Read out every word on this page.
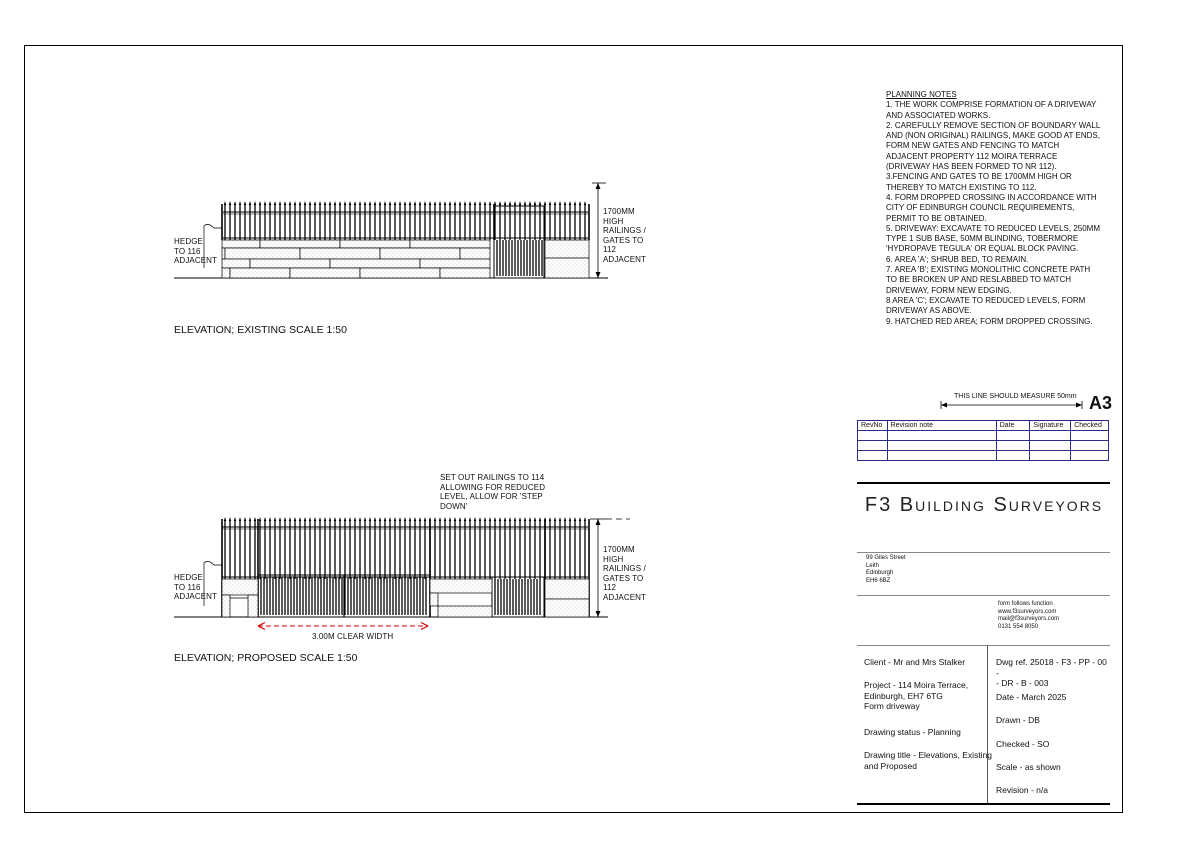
HEDGE
TO 116
ADJACENT
1700MM
HIGH
RAILINGS /
GATES TO
112
ADJACENT
ELEVATION; EXISTING SCALE 1:50
SET OUT RAILINGS TO 114
ALLOWING FOR REDUCED
LEVEL, ALLOW FOR 'STEP
DOWN'
HEDGE
TO 116
ADJACENT
1700MM
HIGH
RAILINGS /
GATES TO
112
ADJACENT
3.00M CLEAR WIDTH
ELEVATION; PROPOSED SCALE 1:50
PLANNING NOTES
1. THE WORK COMPRISE FORMATION OF A DRIVEWAY AND ASSOCIATED WORKS.
2. CAREFULLY REMOVE SECTION OF BOUNDARY WALL AND (NON ORIGINAL) RAILINGS, MAKE GOOD AT ENDS, FORM NEW GATES AND FENCING TO MATCH ADJACENT PROPERTY 112 MOIRA TERRACE (DRIVEWAY HAS BEEN FORMED TO NR 112).
3.FENCING AND GATES TO BE 1700MM HIGH OR THEREBY TO MATCH EXISTING TO 112.
4. FORM DROPPED CROSSING IN ACCORDANCE WITH CITY OF EDINBURGH COUNCIL REQUIREMENTS, PERMIT TO BE OBTAINED.
5. DRIVEWAY: EXCAVATE TO REDUCED LEVELS, 250MM TYPE 1 SUB BASE, 50MM BLINDING, TOBERMORE 'HYDROPAVE TEGULA' OR EQUAL BLOCK PAVING.
6. AREA 'A'; SHRUB BED, TO REMAIN.
7. AREA 'B'; EXISTING MONOLITHIC CONCRETE PATH TO BE BROKEN UP AND RESLABBED TO MATCH DRIVEWAY, FORM NEW EDGING.
8 AREA 'C'; EXCAVATE TO REDUCED LEVELS, FORM DRIVEWAY AS ABOVE.
9. HATCHED RED AREA; FORM DROPPED CROSSING.
THIS LINE SHOULD MEASURE 50mm A3
RevNo	Revision note	Date	Signature	Checked

F3 Building Surveyors
99 Giles Street
Leith
Edinburgh
EH6 6BZ
form follows function
www.f3surveyors.com
mail@f3surveyors.com
0131 554 8050
Client - Mr and Mrs Stalker
Project - 114 Moira Terrace,
Edinburgh, EH7 6TG
Form driveway
Drawing status - Planning
Drawing title - Elevations, Existing
and Proposed
Dwg ref. 25018 - F3 - PP - 00 -
- DR - B - 003
Date - March 2025
Drawn - DB
Checked - SO
Scale - as shown
Revision - n/a
